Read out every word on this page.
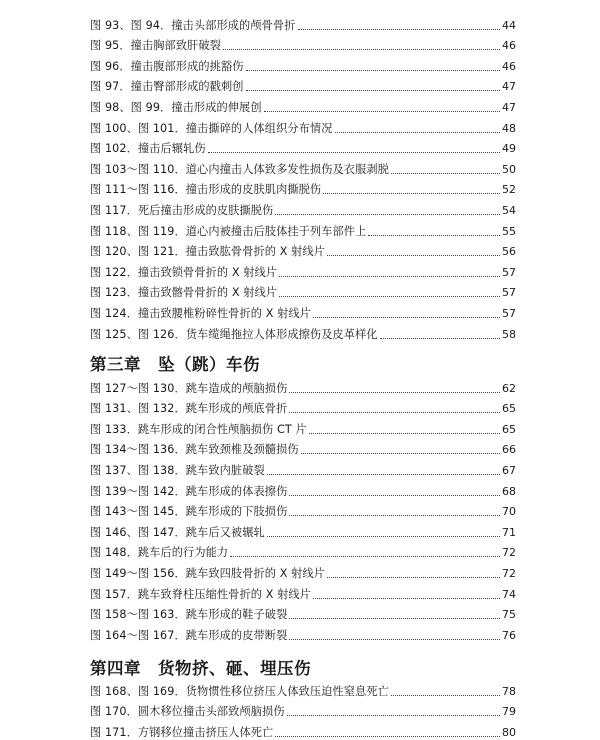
图 93、图 94．撞击头部形成的颅骨骨折	44
图 95．撞击胸部致肝破裂	46
图 96．撞击腹部形成的挑豁伤	46
图 97．撞击臀部形成的戳刺创	47
图 98、图 99．撞击形成的伸展创	47
图 100、图 101．撞击撕碎的人体组织分布情况	48
图 102．撞击后辗轧伤	49
图 103～图 110．道心内撞击人体致多发性损伤及衣服剥脱	50
图 111～图 116．撞击形成的皮肤肌肉撕脱伤	52
图 117．死后撞击形成的皮肤撕脱伤	54
图 118、图 119．道心内被撞击后肢体挂于列车部件上	55
图 120、图 121．撞击致肱骨骨折的 X 射线片	56
图 122．撞击致锁骨骨折的 X 射线片	57
图 123．撞击致髂骨骨折的 X 射线片	57
图 124．撞击致腰椎粉碎性骨折的 X 射线片	57
图 125、图 126．货车缆绳拖拉人体形成擦伤及皮革样化	58
第三章　坠（跳）车伤
图 127～图 130．跳车造成的颅脑损伤	62
图 131、图 132．跳车形成的颅底骨折	65
图 133．跳车形成的闭合性颅脑损伤 CT 片	65
图 134～图 136．跳车致颈椎及颈髓损伤	66
图 137、图 138．跳车致内脏破裂	67
图 139～图 142．跳车形成的体表擦伤	68
图 143～图 145．跳车形成的下肢损伤	70
图 146、图 147．跳车后又被辗轧	71
图 148．跳车后的行为能力	72
图 149～图 156．跳车致四肢骨折的 X 射线片	72
图 157．跳车致脊柱压缩性骨折的 X 射线片	74
图 158～图 163．跳车形成的鞋子破裂	75
图 164～图 167．跳车形成的皮带断裂	76
第四章　货物挤、砸、埋压伤
图 168、图 169．货物惯性移位挤压人体致压迫性窒息死亡	78
图 170．圆木移位撞击头部致颅脑损伤	79
图 171．方钢移位撞击挤压人体死亡	80
